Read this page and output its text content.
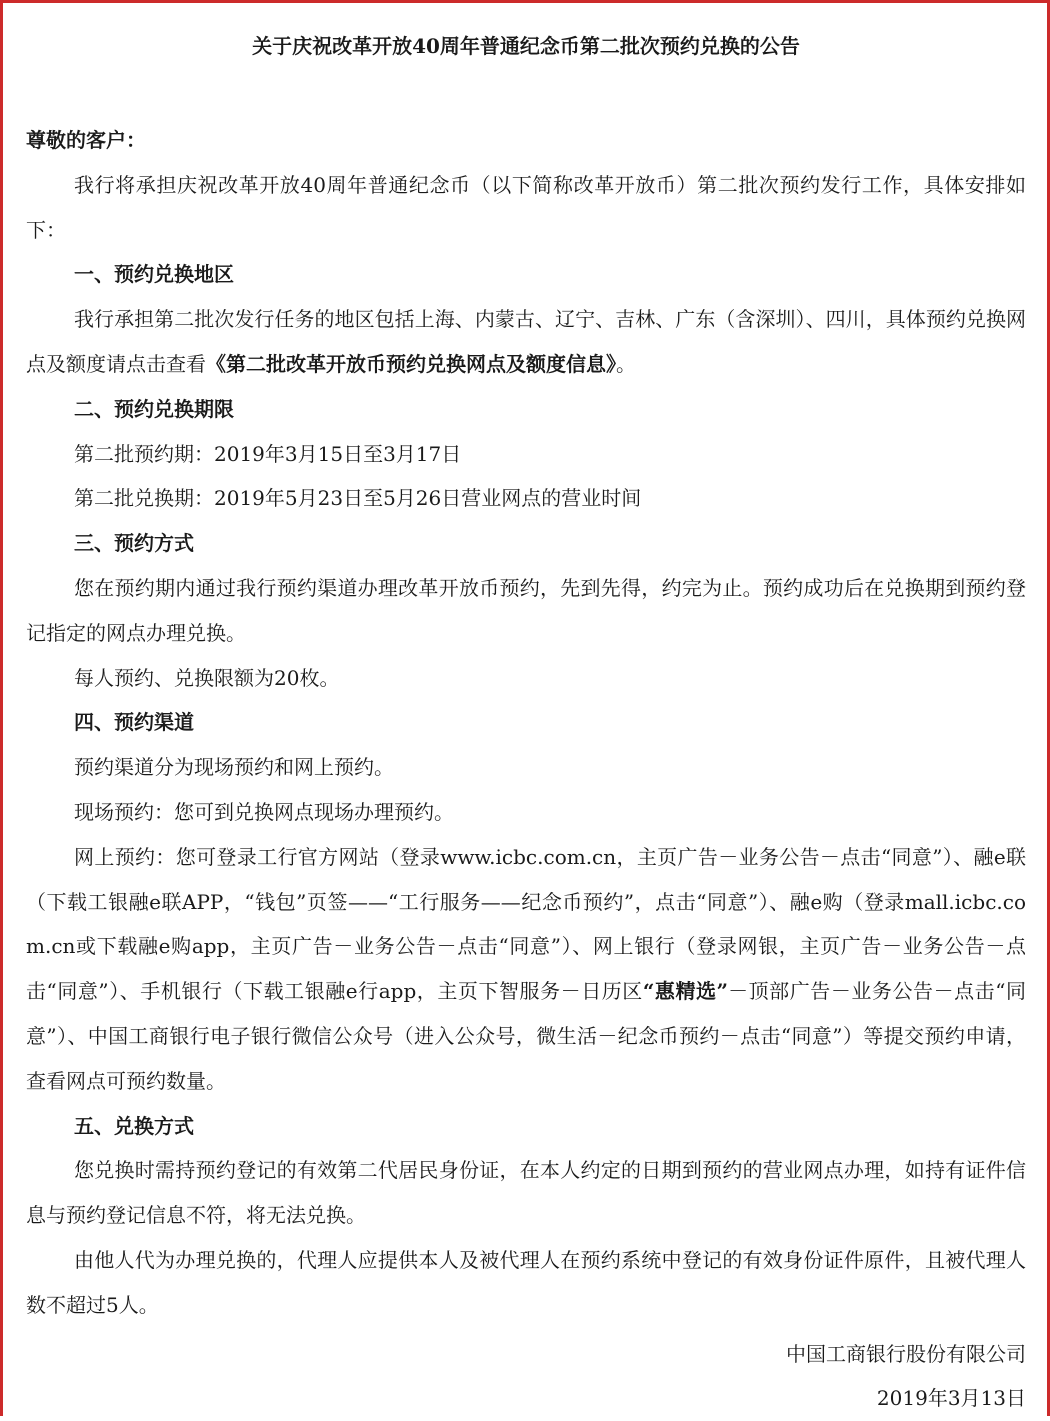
关于庆祝改革开放40周年普通纪念币第二批次预约兑换的公告

尊敬的客户：

我行将承担庆祝改革开放40周年普通纪念币（以下简称改革开放币）第二批次预约发行工作，具体安排如下：

一、预约兑换地区

我行承担第二批次发行任务的地区包括上海、内蒙古、辽宁、吉林、广东（含深圳）、四川，具体预约兑换网点及额度请点击查看《第二批改革开放币预约兑换网点及额度信息》。

二、预约兑换期限

第二批预约期：2019年3月15日至3月17日

第二批兑换期：2019年5月23日至5月26日营业网点的营业时间

三、预约方式

您在预约期内通过我行预约渠道办理改革开放币预约，先到先得，约完为止。预约成功后在兑换期到预约登记指定的网点办理兑换。

每人预约、兑换限额为20枚。

四、预约渠道

预约渠道分为现场预约和网上预约。

现场预约：您可到兑换网点现场办理预约。

网上预约：您可登录工行官方网站（登录www.icbc.com.cn，主页广告－业务公告－点击“同意”）、融e联（下载工银融e联APP，“钱包”页签——“工行服务——纪念币预约”，点击“同意”）、融e购（登录mall.icbc.com.cn或下载融e购app，主页广告－业务公告－点击“同意”）、网上银行（登录网银，主页广告－业务公告－点击“同意”）、手机银行（下载工银融e行app，主页下智服务－日历区“惠精选”－顶部广告－业务公告－点击“同意”）、中国工商银行电子银行微信公众号（进入公众号，微生活－纪念币预约－点击“同意”）等提交预约申请，查看网点可预约数量。

五、兑换方式

您兑换时需持预约登记的有效第二代居民身份证，在本人约定的日期到预约的营业网点办理，如持有证件信息与预约登记信息不符，将无法兑换。

由他人代为办理兑换的，代理人应提供本人及被代理人在预约系统中登记的有效身份证件原件，且被代理人数不超过5人。

中国工商银行股份有限公司

2019年3月13日
